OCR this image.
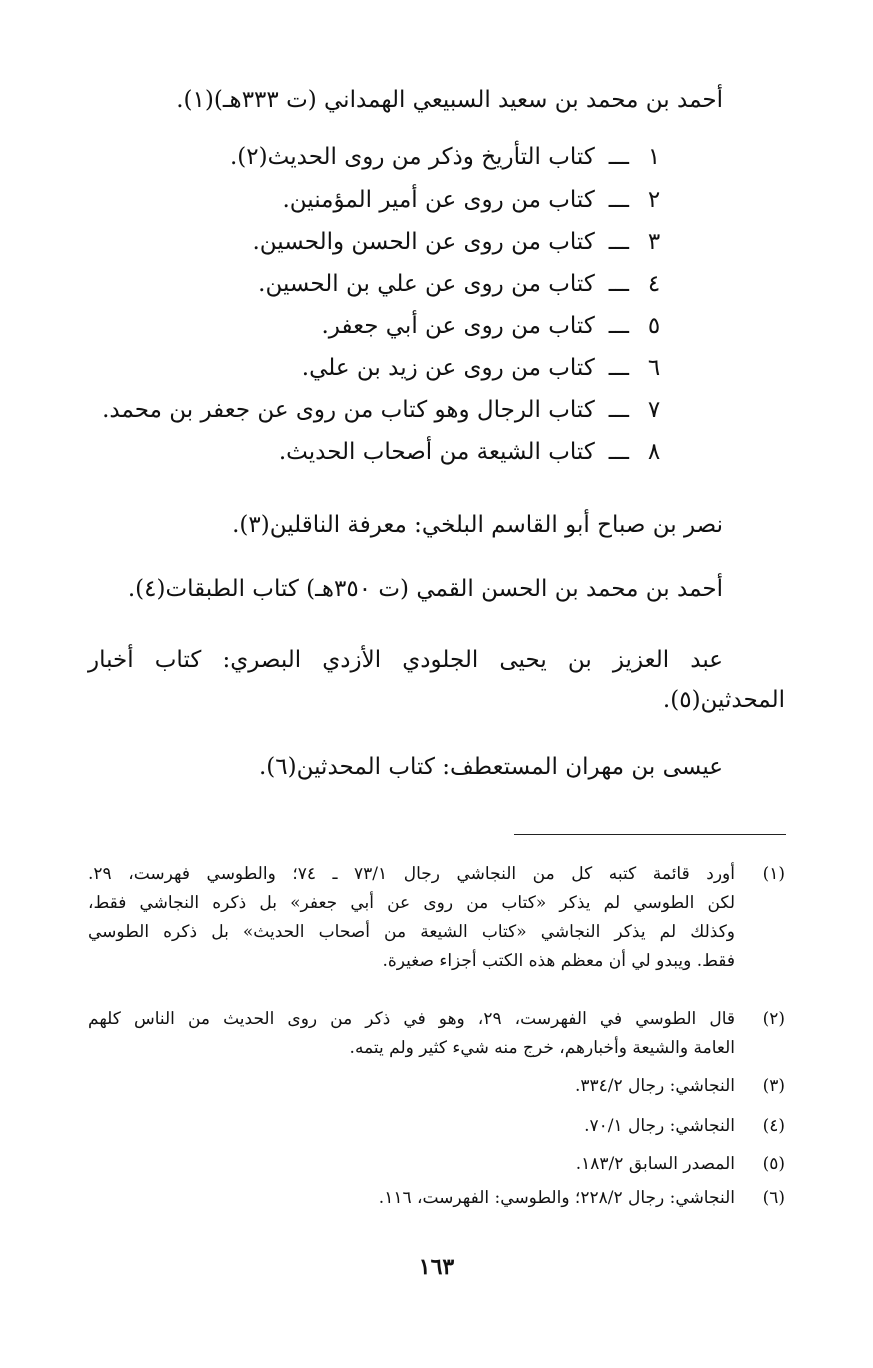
أحمد بن محمد بن سعيد السبيعي الهمداني (ت ٣٣٣هـ)(١).
١
ـــ
كتاب التأريخ وذكر من روى الحديث(٢).
٢
ـــ
كتاب من روى عن أمير المؤمنين.
٣
ـــ
كتاب من روى عن الحسن والحسين.
٤
ـــ
كتاب من روى عن علي بن الحسين.
٥
ـــ
كتاب من روى عن أبي جعفر.
٦
ـــ
كتاب من روى عن زيد بن علي.
٧
ـــ
كتاب الرجال وهو كتاب من روى عن جعفر بن محمد.
٨
ـــ
كتاب الشيعة من أصحاب الحديث.
نصر بن صباح أبو القاسم البلخي: معرفة الناقلين(٣).
أحمد بن محمد بن الحسن القمي (ت ٣٥٠هـ) كتاب الطبقات(٤).
عبد العزيز بن يحيى الجلودي الأزدي البصري: كتاب أخبار
المحدثين(٥).
عيسى بن مهران المستعطف: كتاب المحدثين(٦).
(١)
أورد قائمة كتبه كل من النجاشي رجال ٧٣/١ ـ ٧٤؛ والطوسي فهرست، ٢٩.
لكن الطوسي لم يذكر «كتاب من روى عن أبي جعفر» بل ذكره النجاشي فقط،
وكذلك لم يذكر النجاشي «كتاب الشيعة من أصحاب الحديث» بل ذكره الطوسي
فقط. ويبدو لي أن معظم هذه الكتب أجزاء صغيرة.
(٢)
قال الطوسي في الفهرست، ٢٩، وهو في ذكر من روى الحديث من الناس كلهم
العامة والشيعة وأخبارهم، خرج منه شيء كثير ولم يتمه.
(٣)
النجاشي: رجال ٣٣٤/٢.
(٤)
النجاشي: رجال ٧٠/١.
(٥)
المصدر السابق ١٨٣/٢.
(٦)
النجاشي: رجال ٢٢٨/٢؛ والطوسي: الفهرست، ١١٦.
١٦٣
